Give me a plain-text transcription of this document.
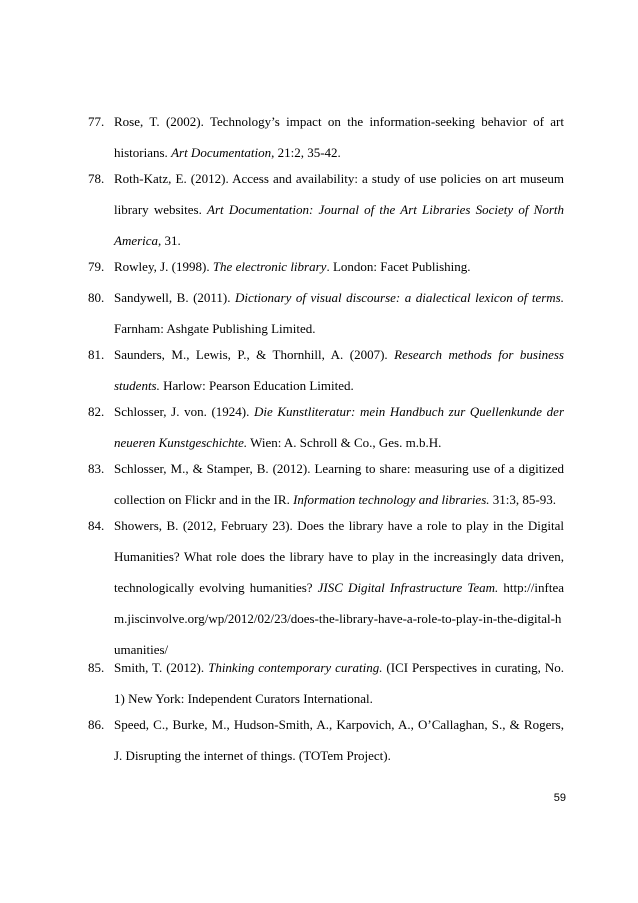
77. Rose, T. (2002). Technology’s impact on the information-seeking behavior of art historians. Art Documentation, 21:2, 35-42.
78. Roth-Katz, E. (2012). Access and availability: a study of use policies on art museum library websites. Art Documentation: Journal of the Art Libraries Society of North America, 31.
79. Rowley, J. (1998). The electronic library. London: Facet Publishing.
80. Sandywell, B. (2011). Dictionary of visual discourse: a dialectical lexicon of terms. Farnham: Ashgate Publishing Limited.
81. Saunders, M., Lewis, P., & Thornhill, A. (2007). Research methods for business students. Harlow: Pearson Education Limited.
82. Schlosser, J. von. (1924). Die Kunstliteratur: mein Handbuch zur Quellenkunde der neueren Kunstgeschichte. Wien: A. Schroll & Co., Ges. m.b.H.
83. Schlosser, M., & Stamper, B. (2012). Learning to share: measuring use of a digitized collection on Flickr and in the IR. Information technology and libraries. 31:3, 85-93.
84. Showers, B. (2012, February 23). Does the library have a role to play in the Digital Humanities? What role does the library have to play in the increasingly data driven, technologically evolving humanities? JISC Digital Infrastructure Team. http://infteam.jiscinvolve.org/wp/2012/02/23/does-the-library-have-a-role-to-play-in-the-digital-humanities/
85. Smith, T. (2012). Thinking contemporary curating. (ICI Perspectives in curating, No. 1) New York: Independent Curators International.
86. Speed, C., Burke, M., Hudson-Smith, A., Karpovich, A., O’Callaghan, S., & Rogers, J. Disrupting the internet of things. (TOTem Project).
59
